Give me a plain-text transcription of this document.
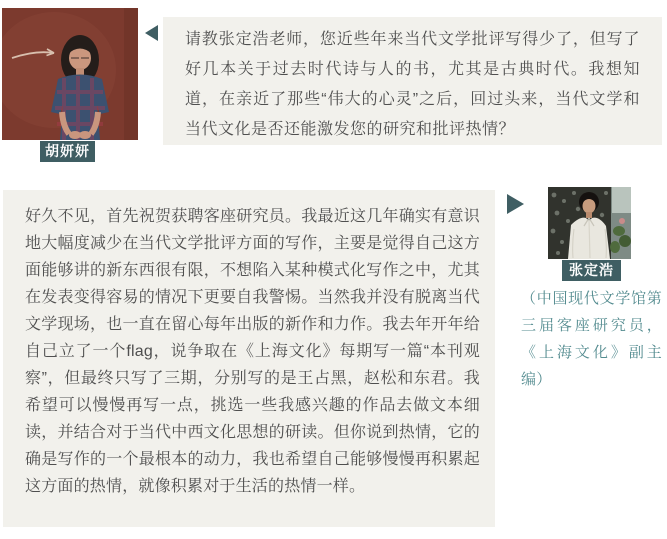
胡妍妍

请教张定浩老师，您近些年来当代文学批评写得少了，但写了好几本关于过去时代诗与人的书，尤其是古典时代。我想知道，在亲近了那些“伟大的心灵”之后，回过头来，当代文学和当代文化是否还能激发您的研究和批评热情？

好久不见，首先祝贺获聘客座研究员。我最近这几年确实有意识地大幅度减少在当代文学批评方面的写作，主要是觉得自己这方面能够讲的新东西很有限，不想陷入某种模式化写作之中，尤其在发表变得容易的情况下更要自我警惕。当然我并没有脱离当代文学现场，也一直在留心每年出版的新作和力作。我去年开年给自己立了一个flag，说争取在《上海文化》每期写一篇“本刊观察”，但最终只写了三期，分别写的是王占黑，赵松和东君。我希望可以慢慢再写一点，挑选一些我感兴趣的作品去做文本细读，并结合对于当代中西文化思想的研读。但你说到热情，它的确是写作的一个最根本的动力，我也希望自己能够慢慢再积累起这方面的热情，就像积累对于生活的热情一样。

张定浩
（中国现代文学馆第三届客座研究员，《上海文化》副主编）
